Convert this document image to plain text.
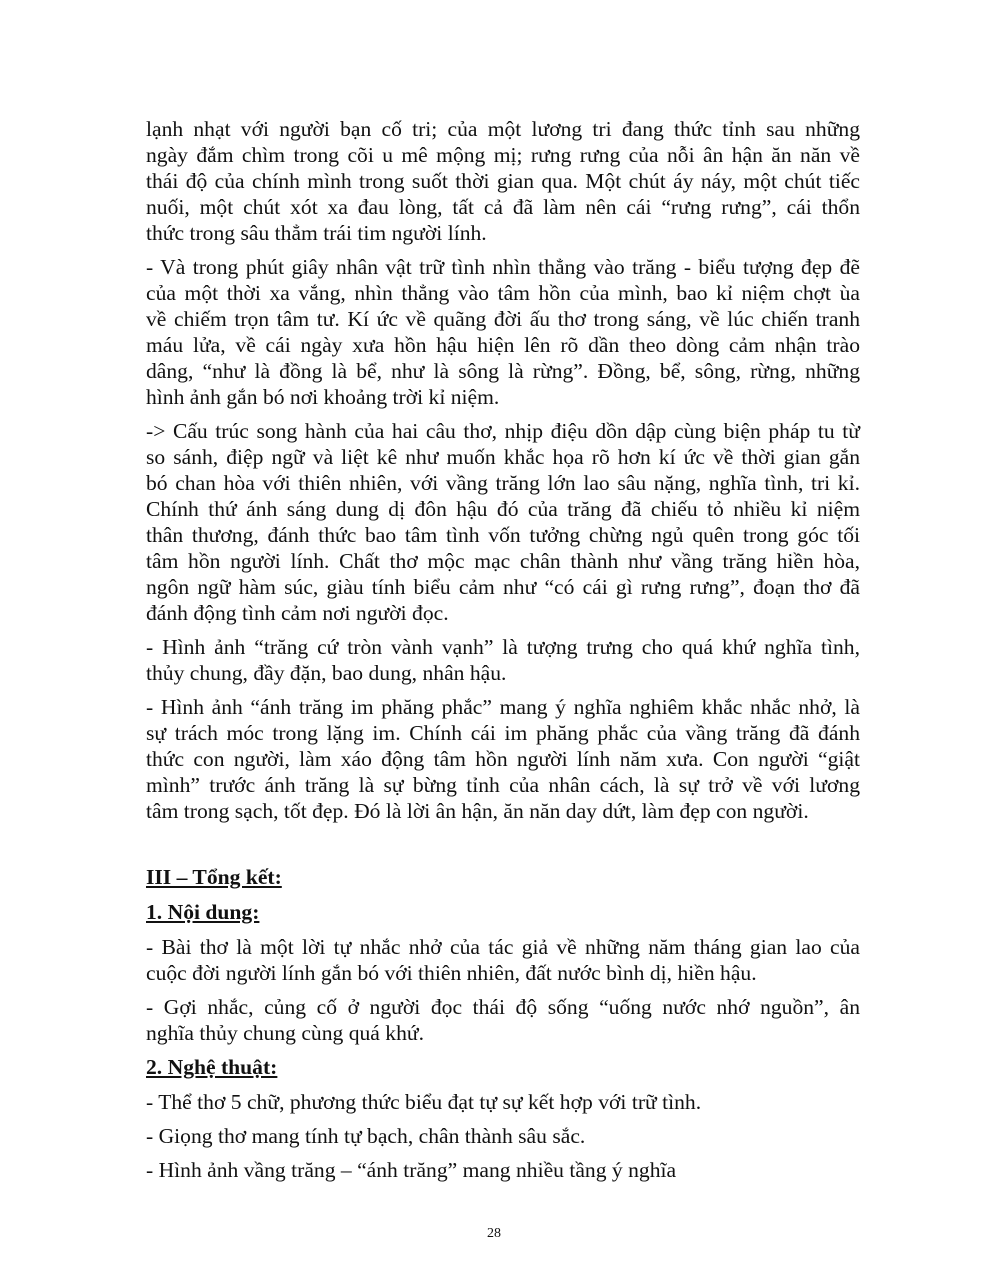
lạnh nhạt với người bạn cố tri; của một lương tri đang thức tỉnh sau những
ngày đắm chìm trong cõi u mê mộng mị; rưng rưng của nỗi ân hận ăn năn về
thái độ của chính mình trong suốt thời gian qua. Một chút áy náy, một chút tiếc
nuối, một chút xót xa đau lòng, tất cả đã làm nên cái “rưng rưng”, cái thổn
thức trong sâu thẳm trái tim người lính.
- Và trong phút giây nhân vật trữ tình nhìn thẳng vào trăng - biểu tượng đẹp đẽ
của một thời xa vắng, nhìn thẳng vào tâm hồn của mình, bao kỉ niệm chợt ùa
về chiếm trọn tâm tư. Kí ức về quãng đời ấu thơ trong sáng, về lúc chiến tranh
máu lửa, về cái ngày xưa hồn hậu hiện lên rõ dần theo dòng cảm nhận trào
dâng, “như là đồng là bể, như là sông là rừng”. Đồng, bể, sông, rừng, những
hình ảnh gắn bó nơi khoảng trời kỉ niệm.
-> Cấu trúc song hành của hai câu thơ, nhịp điệu dồn dập cùng biện pháp tu từ
so sánh, điệp ngữ và liệt kê như muốn khắc họa rõ hơn kí ức về thời gian gắn
bó chan hòa với thiên nhiên, với vầng trăng lớn lao sâu nặng, nghĩa tình, tri kỉ.
Chính thứ ánh sáng dung dị đôn hậu đó của trăng đã chiếu tỏ nhiều kỉ niệm
thân thương, đánh thức bao tâm tình vốn tưởng chừng ngủ quên trong góc tối
tâm hồn người lính. Chất thơ mộc mạc chân thành như vầng trăng hiền hòa,
ngôn ngữ hàm súc, giàu tính biểu cảm như “có cái gì rưng rưng”, đoạn thơ đã
đánh động tình cảm nơi người đọc.
- Hình ảnh “trăng cứ tròn vành vạnh” là tượng trưng cho quá khứ nghĩa tình,
thủy chung, đầy đặn, bao dung, nhân hậu.
- Hình ảnh “ánh trăng im phăng phắc” mang ý nghĩa nghiêm khắc nhắc nhở, là
sự trách móc trong lặng im. Chính cái im phăng phắc của vầng trăng đã đánh
thức con người, làm xáo động tâm hồn người lính năm xưa. Con người “giật
mình” trước ánh trăng là sự bừng tỉnh của nhân cách, là sự trở về với lương
tâm trong sạch, tốt đẹp. Đó là lời ân hận, ăn năn day dứt, làm đẹp con người.
III – Tổng kết:
1. Nội dung:
- Bài thơ là một lời tự nhắc nhở của tác giả về những năm tháng gian lao của
cuộc đời người lính gắn bó với thiên nhiên, đất nước bình dị, hiền hậu.
- Gợi nhắc, củng cố ở người đọc thái độ sống “uống nước nhớ nguồn”, ân
nghĩa thủy chung cùng quá khứ.
2. Nghệ thuật:
- Thể thơ 5 chữ, phương thức biểu đạt tự sự kết hợp với trữ tình.
- Giọng thơ mang tính tự bạch, chân thành sâu sắc.
- Hình ảnh vầng trăng – “ánh trăng” mang nhiều tầng ý nghĩa
28
